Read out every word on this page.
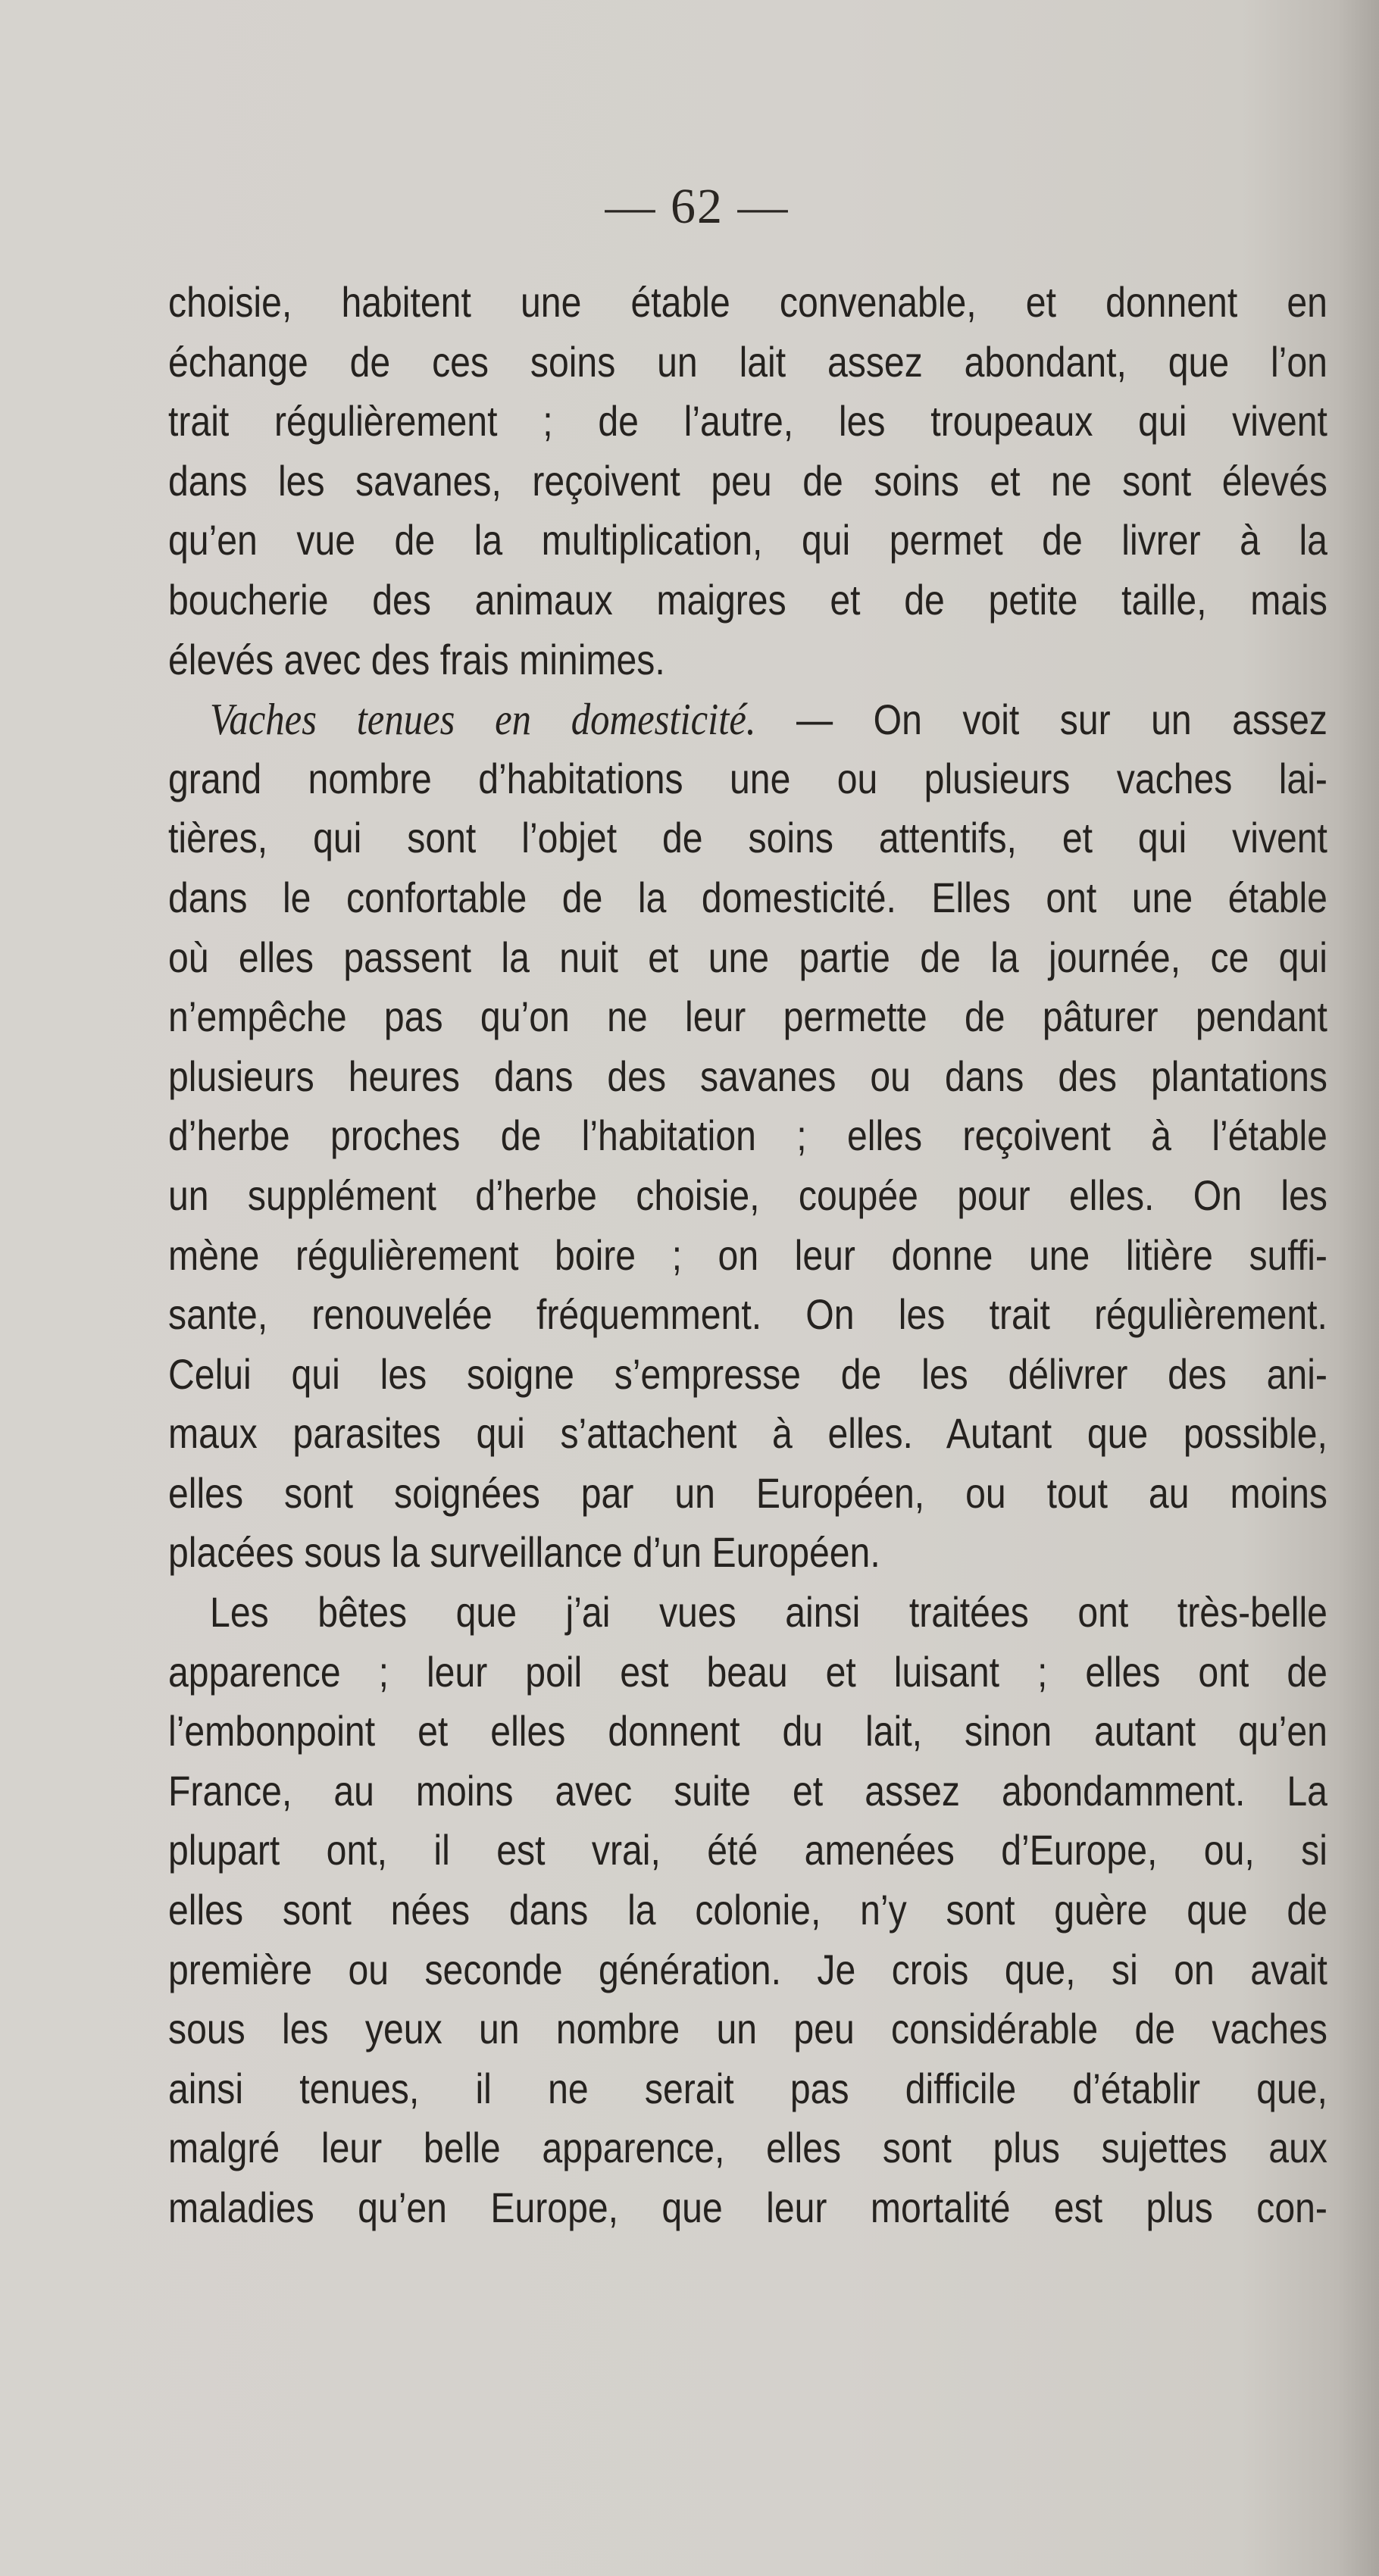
— 62 —
choisie, habitent une étable convenable, et donnent en
échange de ces soins un lait assez abondant, que l’on
trait régulièrement ; de l’autre, les troupeaux qui vivent
dans les savanes, reçoivent peu de soins et ne sont élevés
qu’en vue de la multiplication, qui permet de livrer à la
boucherie des animaux maigres et de petite taille, mais
élevés avec des frais minimes.
Vaches tenues en domesticité. — On voit sur un assez
grand nombre d’habitations une ou plusieurs vaches lai-
tières, qui sont l’objet de soins attentifs, et qui vivent
dans le confortable de la domesticité. Elles ont une étable
où elles passent la nuit et une partie de la journée, ce qui
n’empêche pas qu’on ne leur permette de pâturer pendant
plusieurs heures dans des savanes ou dans des plantations
d’herbe proches de l’habitation ; elles reçoivent à l’étable
un supplément d’herbe choisie, coupée pour elles. On les
mène régulièrement boire ; on leur donne une litière suffi-
sante, renouvelée fréquemment. On les trait régulièrement.
Celui qui les soigne s’empresse de les délivrer des ani-
maux parasites qui s’attachent à elles. Autant que possible,
elles sont soignées par un Européen, ou tout au moins
placées sous la surveillance d’un Européen.
Les bêtes que j’ai vues ainsi traitées ont très-belle
apparence ; leur poil est beau et luisant ; elles ont de
l’embonpoint et elles donnent du lait, sinon autant qu’en
France, au moins avec suite et assez abondamment. La
plupart ont, il est vrai, été amenées d’Europe, ou, si
elles sont nées dans la colonie, n’y sont guère que de
première ou seconde génération. Je crois que, si on avait
sous les yeux un nombre un peu considérable de vaches
ainsi tenues, il ne serait pas difficile d’établir que,
malgré leur belle apparence, elles sont plus sujettes aux
maladies qu’en Europe, que leur mortalité est plus con-
